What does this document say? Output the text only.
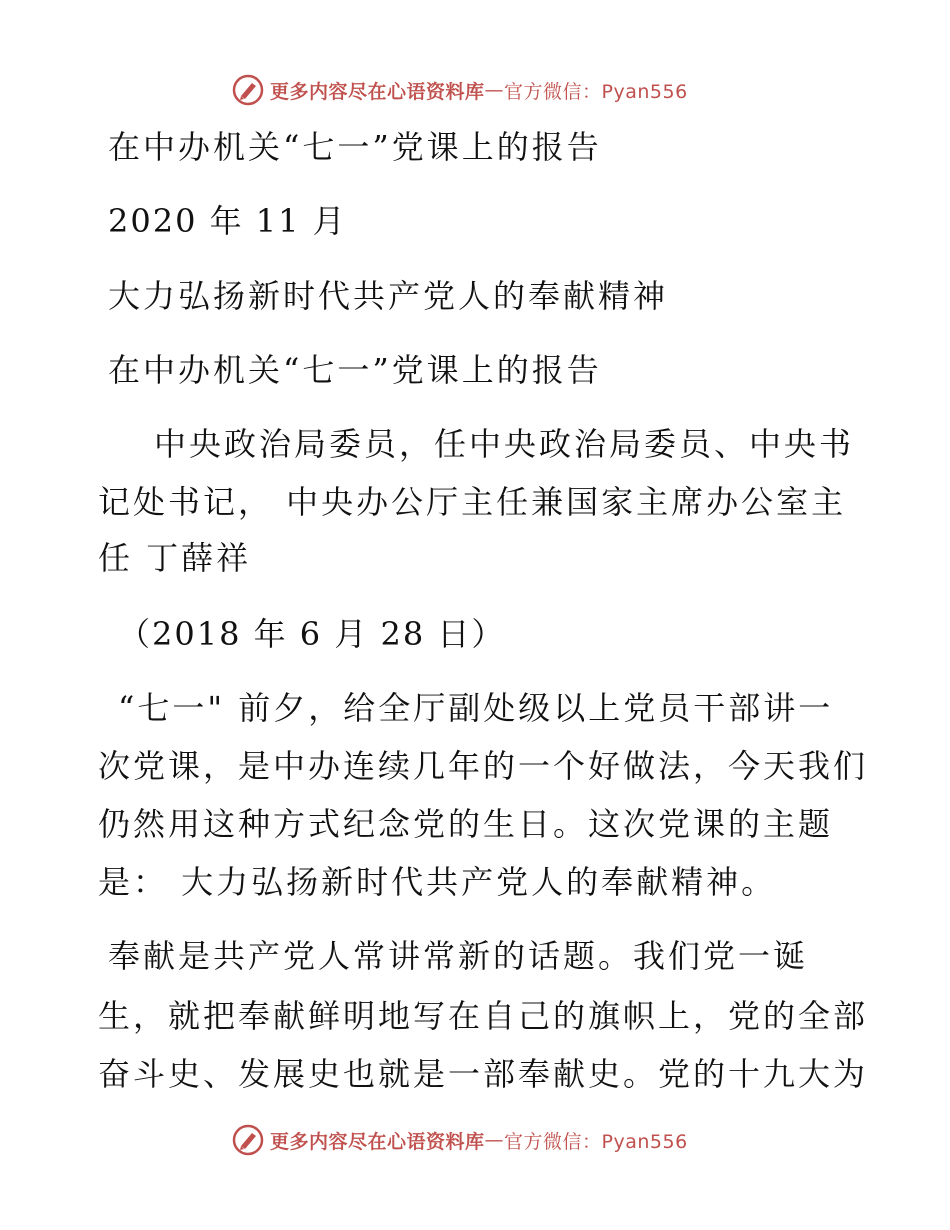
更多内容尽在心语资料库 — 官方微信：Pyan556
在中办机关“七一”党课上的报告
2020 年 11 月
大力弘扬新时代共产党人的奉献精神
在中办机关“七一”党课上的报告
中央政治局委员，任中央政治局委员、中央书
记处书记， 中央办公厅主任兼国家主席办公室主
任 丁薛祥
（2018 年 6 月 28 日）
“七一" 前夕，给全厅副处级以上党员干部讲一
次党课，是中办连续几年的一个好做法，今天我们
仍然用这种方式纪念党的生日。这次党课的主题
是： 大力弘扬新时代共产党人的奉献精神。
奉献是共产党人常讲常新的话题。我们党一诞
生，就把奉献鲜明地写在自己的旗帜上，党的全部
奋斗史、发展史也就是一部奉献史。党的十九大为
更多内容尽在心语资料库 — 官方微信：Pyan556
